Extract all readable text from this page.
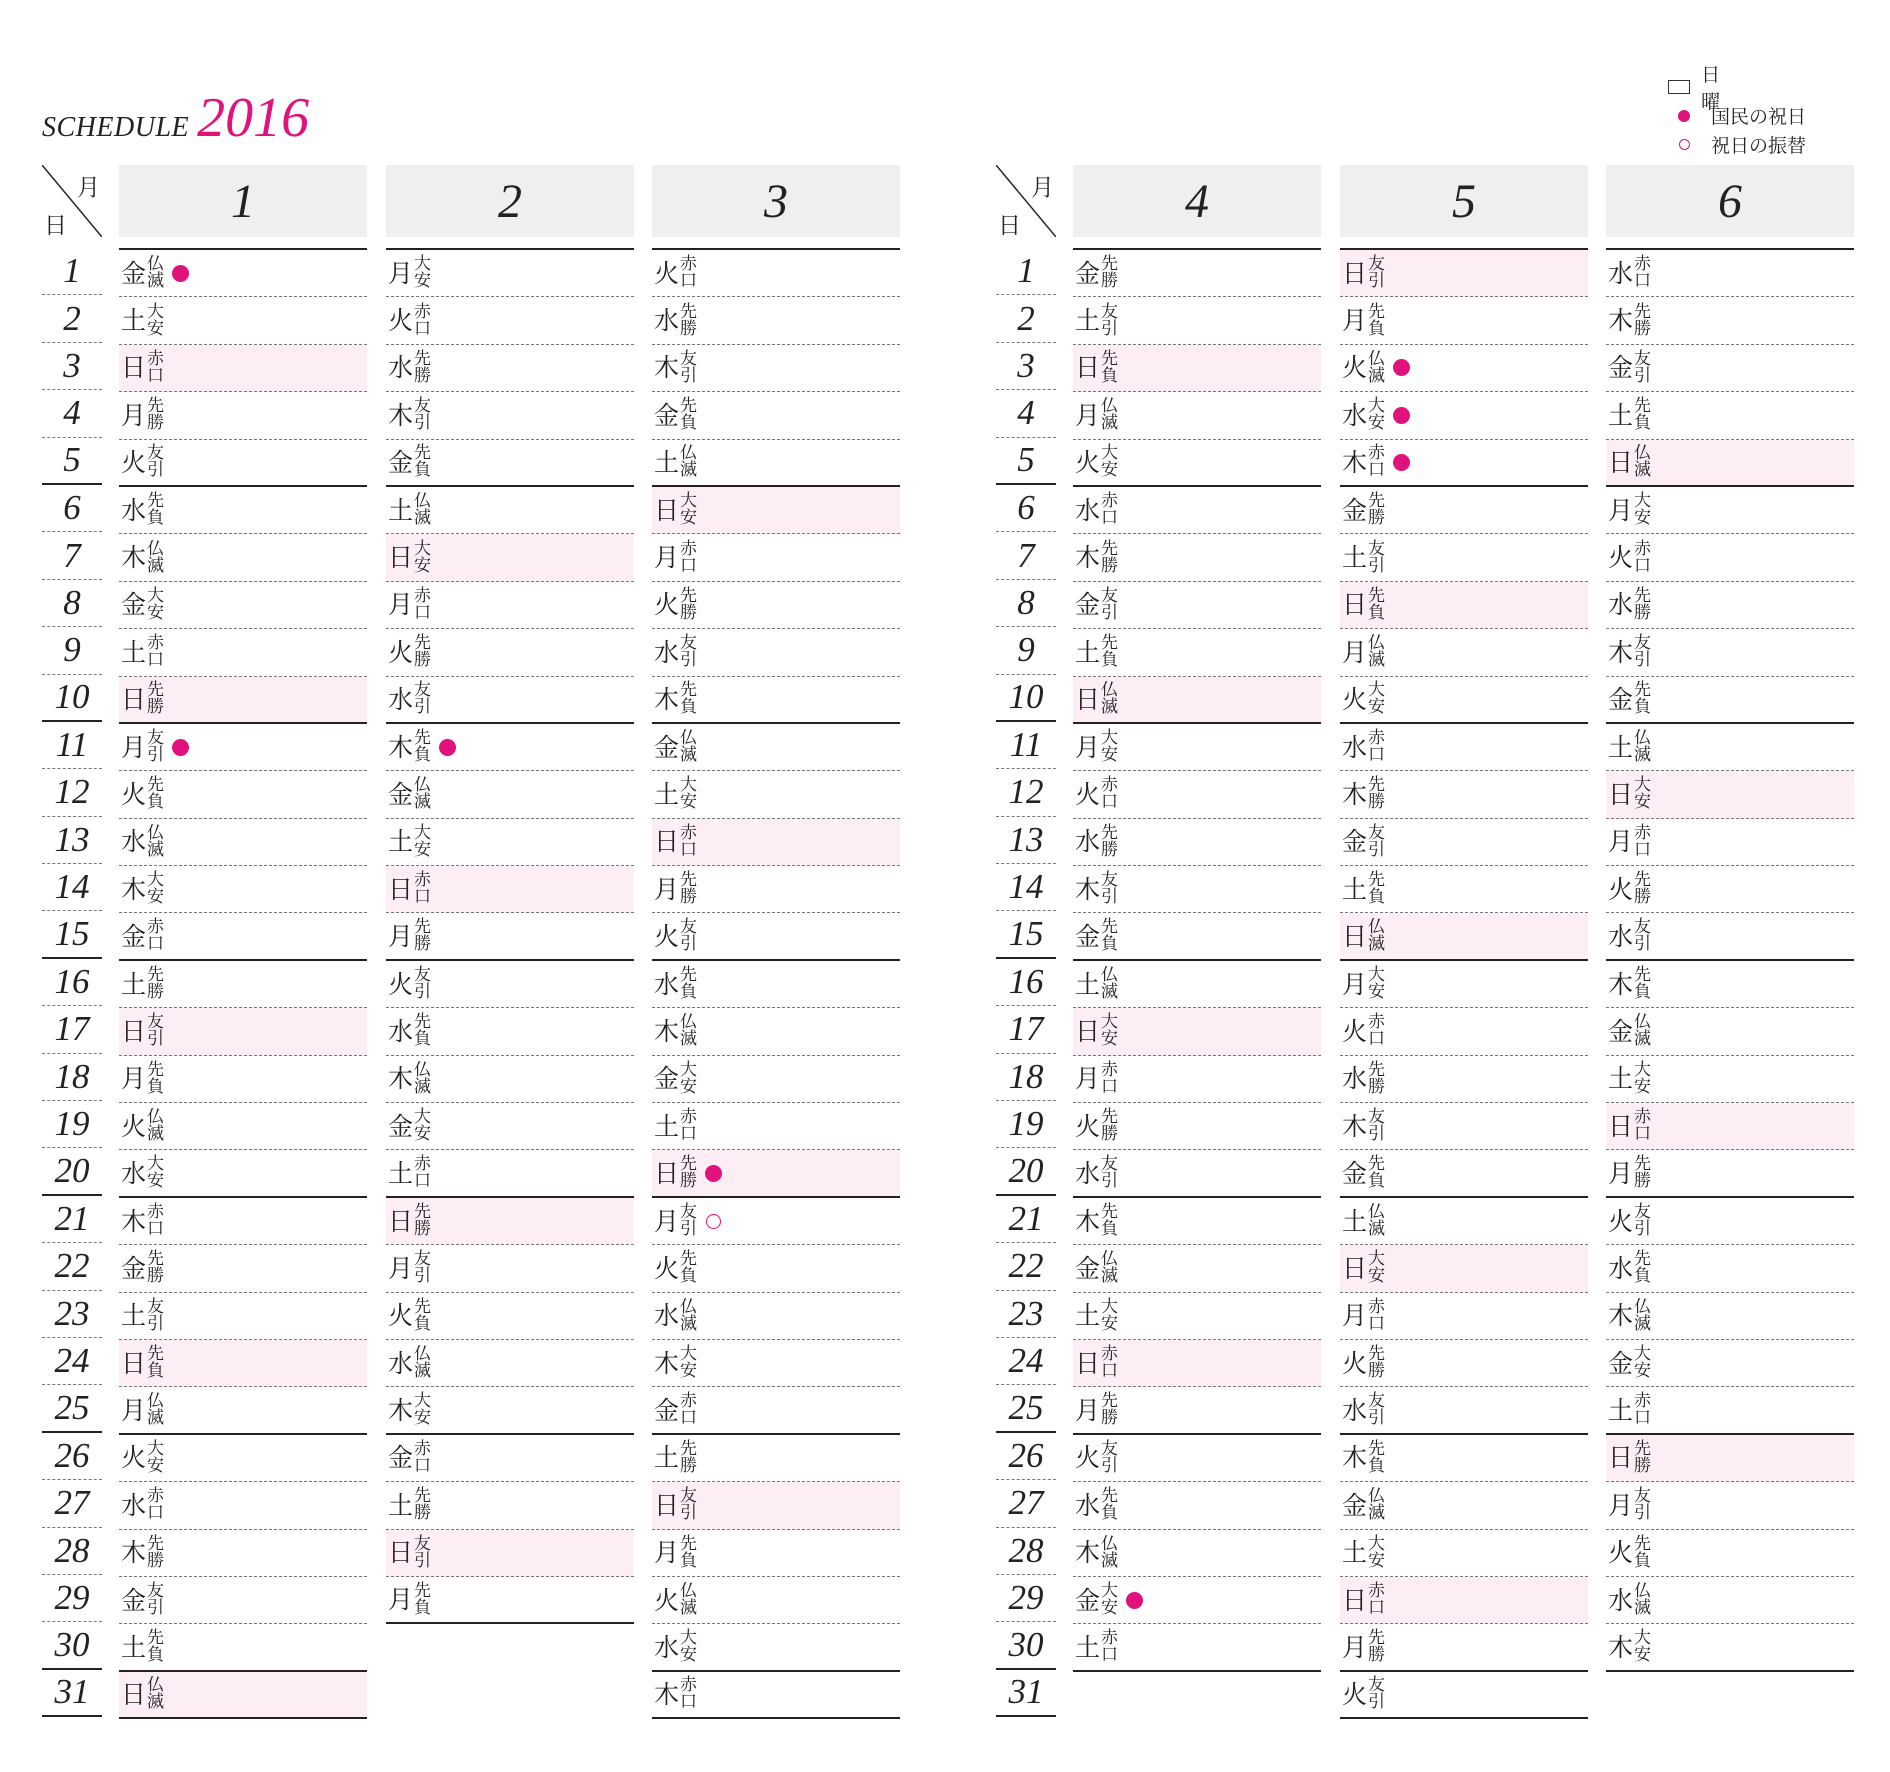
SCHEDULE 2016
日　曜
国民の祝日
祝日の振替
月
日
1
2
3
4
5
6
7
8
9
10
11
12
13
14
15
16
17
18
19
20
21
22
23
24
25
26
27
28
29
30
31
1
金 仏
滅
土 大
安
日 赤
口
月 先
勝
火 友
引
水 先
負
木 仏
滅
金 大
安
土 赤
口
日 先
勝
月 友
引
火 先
負
水 仏
滅
木 大
安
金 赤
口
土 先
勝
日 友
引
月 先
負
火 仏
滅
水 大
安
木 赤
口
金 先
勝
土 友
引
日 先
負
月 仏
滅
火 大
安
水 赤
口
木 先
勝
金 友
引
土 先
負
日 仏
滅
2
月 大
安
火 赤
口
水 先
勝
木 友
引
金 先
負
土 仏
滅
日 大
安
月 赤
口
火 先
勝
水 友
引
木 先
負
金 仏
滅
土 大
安
日 赤
口
月 先
勝
火 友
引
水 先
負
木 仏
滅
金 大
安
土 赤
口
日 先
勝
月 友
引
火 先
負
水 仏
滅
木 大
安
金 赤
口
土 先
勝
日 友
引
月 先
負
3
火 赤
口
水 先
勝
木 友
引
金 先
負
土 仏
滅
日 大
安
月 赤
口
火 先
勝
水 友
引
木 先
負
金 仏
滅
土 大
安
日 赤
口
月 先
勝
火 友
引
水 先
負
木 仏
滅
金 大
安
土 赤
口
日 先
勝
月 友
引
火 先
負
水 仏
滅
木 大
安
金 赤
口
土 先
勝
日 友
引
月 先
負
火 仏
滅
水 大
安
木 赤
口
月
日
1
2
3
4
5
6
7
8
9
10
11
12
13
14
15
16
17
18
19
20
21
22
23
24
25
26
27
28
29
30
31
4
金 先
勝
土 友
引
日 先
負
月 仏
滅
火 大
安
水 赤
口
木 先
勝
金 友
引
土 先
負
日 仏
滅
月 大
安
火 赤
口
水 先
勝
木 友
引
金 先
負
土 仏
滅
日 大
安
月 赤
口
火 先
勝
水 友
引
木 先
負
金 仏
滅
土 大
安
日 赤
口
月 先
勝
火 友
引
水 先
負
木 仏
滅
金 大
安
土 赤
口
5
日 友
引
月 先
負
火 仏
滅
水 大
安
木 赤
口
金 先
勝
土 友
引
日 先
負
月 仏
滅
火 大
安
水 赤
口
木 先
勝
金 友
引
土 先
負
日 仏
滅
月 大
安
火 赤
口
水 先
勝
木 友
引
金 先
負
土 仏
滅
日 大
安
月 赤
口
火 先
勝
水 友
引
木 先
負
金 仏
滅
土 大
安
日 赤
口
月 先
勝
火 友
引
6
水 赤
口
木 先
勝
金 友
引
土 先
負
日 仏
滅
月 大
安
火 赤
口
水 先
勝
木 友
引
金 先
負
土 仏
滅
日 大
安
月 赤
口
火 先
勝
水 友
引
木 先
負
金 仏
滅
土 大
安
日 赤
口
月 先
勝
火 友
引
水 先
負
木 仏
滅
金 大
安
土 赤
口
日 先
勝
月 友
引
火 先
負
水 仏
滅
木 大
安
